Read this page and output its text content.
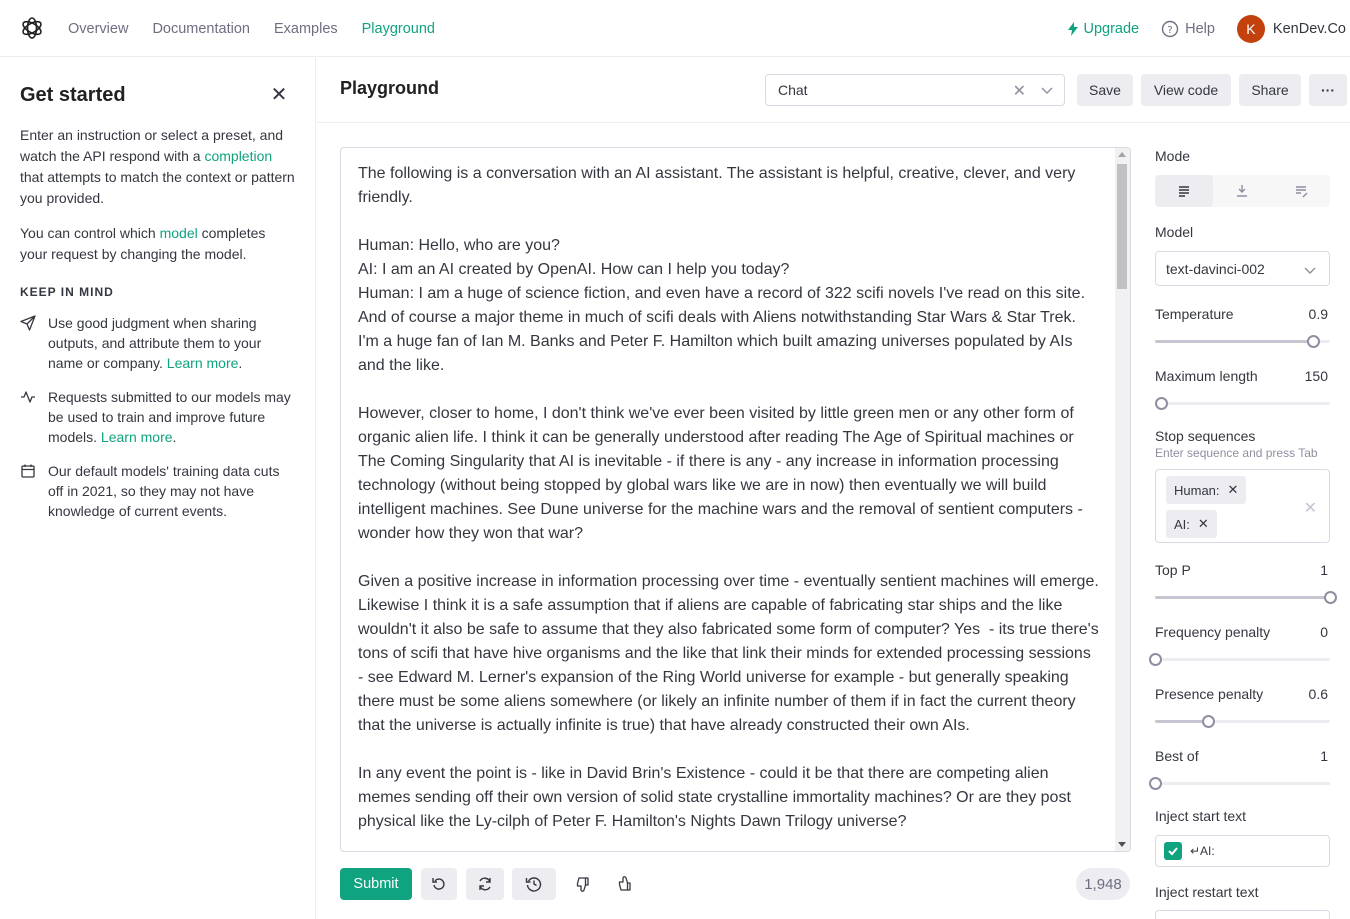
Overview Documentation Examples Playground	Upgrade	? Help	K	KenDev.Co
Get started	✕

Enter an instruction or select a preset, and watch the API respond with a completion that attempts to match the context or pattern you provided.

You can control which model completes your request by changing the model.

KEEP IN MIND
Use good judgment when sharing outputs, and attribute them to your name or company. Learn more.
Requests submitted to our models may be used to train and improve future models. Learn more.
Our default models' training data cuts off in 2021, so they may not have knowledge of current events.
Playground	Chat	✕	Save	View code	Share	···
The following is a conversation with an AI assistant. The assistant is helpful, creative, clever, and very friendly.

Human: Hello, who are you?
AI: I am an AI created by OpenAI. How can I help you today?
Human: I am a huge of science fiction, and even have a record of 322 scifi novels I've read on this site. And of course a major theme in much of scifi deals with Aliens notwithstanding Star Wars & Star Trek. I'm a huge fan of Ian M. Banks and Peter F. Hamilton which built amazing universes populated by AIs and the like.

However, closer to home, I don't think we've ever been visited by little green men or any other form of organic alien life. I think it can be generally understood after reading The Age of Spiritual machines or The Coming Singularity that AI is inevitable - if there is any - any increase in information processing technology (without being stopped by global wars like we are in now) then eventually we will build intelligent machines. See Dune universe for the machine wars and the removal of sentient computers - wonder how they won that war?

Given a positive increase in information processing over time - eventually sentient machines will emerge. Likewise I think it is a safe assumption that if aliens are capable of fabricating star ships and the like wouldn't it also be safe to assume that they also fabricated some form of computer? Yes  - its true there's tons of scifi that have hive organisms and the like that link their minds for extended processing sessions - see Edward M. Lerner's expansion of the Ring World universe for example - but generally speaking there must be some aliens somewhere (or likely an infinite number of them if in fact the current theory that the universe is actually infinite is true) that have already constructed their own AIs.

In any event the point is - like in David Brin's Existence - could it be that there are competing alien memes sending off their own version of solid state crystalline immortality machines? Or are they post physical like the Ly-cilph of Peter F. Hamilton's Nights Dawn Trilogy universe?
Submit	1,948
Mode
Model
text-davinci-002
Temperature	0.9
Maximum length	150
Stop sequences
Enter sequence and press Tab
Human: ✕
AI: ✕
✕
Top P	1
Frequency penalty	0
Presence penalty	0.6
Best of	1
Inject start text
↵AI:
Inject restart text
